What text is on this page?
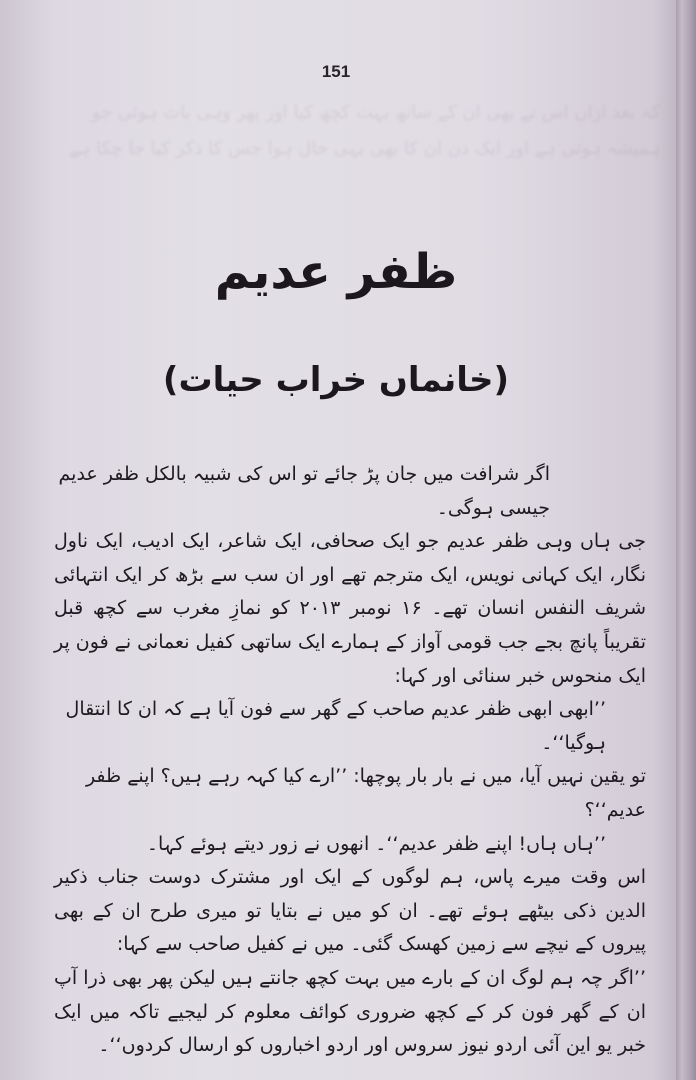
کہ بعد ازاں اس نے بھی ان کے ساتھ بہت کچھ کیا اور پھر وہی بات ہوئی جو ہمیشہ ہوتی ہے اور ایک دن ان کا بھی یہی حال ہوا جس کا ذکر کیا جا چکا ہے
151
ظفر عدیم
(خانماں خراب حیات)

اگر شرافت میں جان پڑ جائے تو اس کی شبیہ بالکل ظفر عدیم جیسی ہوگی۔

جی ہاں وہی ظفر عدیم جو ایک صحافی، ایک شاعر، ایک ادیب، ایک ناول نگار، ایک کہانی نویس، ایک مترجم تھے اور ان سب سے بڑھ کر ایک انتہائی شریف النفس انسان تھے۔ ۱۶ نومبر ۲۰۱۳ کو نمازِ مغرب سے کچھ قبل تقریباً پانچ بجے جب قومی آواز کے ہمارے ایک ساتھی کفیل نعمانی نے فون پر ایک منحوس خبر سنائی اور کہا:

’’ابھی ابھی ظفر عدیم صاحب کے گھر سے فون آیا ہے کہ ان کا انتقال ہوگیا‘‘۔

تو یقین نہیں آیا، میں نے بار بار پوچھا: ’’ارے کیا کہہ رہے ہیں؟ اپنے ظفر عدیم‘‘؟

’’ہاں ہاں! اپنے ظفر عدیم‘‘۔ انھوں نے زور دیتے ہوئے کہا۔

اس وقت میرے پاس، ہم لوگوں کے ایک اور مشترک دوست جناب ذکیر الدین ذکی بیٹھے ہوئے تھے۔ ان کو میں نے بتایا تو میری طرح ان کے بھی پیروں کے نیچے سے زمین کھسک گئی۔ میں نے کفیل صاحب سے کہا:

’’اگر چہ ہم لوگ ان کے بارے میں بہت کچھ جانتے ہیں لیکن پھر بھی ذرا آپ ان کے گھر فون کر کے کچھ ضروری کوائف معلوم کر لیجیے تاکہ میں ایک خبر یو این آئی اردو نیوز سروس اور اردو اخباروں کو ارسال کردوں‘‘۔
